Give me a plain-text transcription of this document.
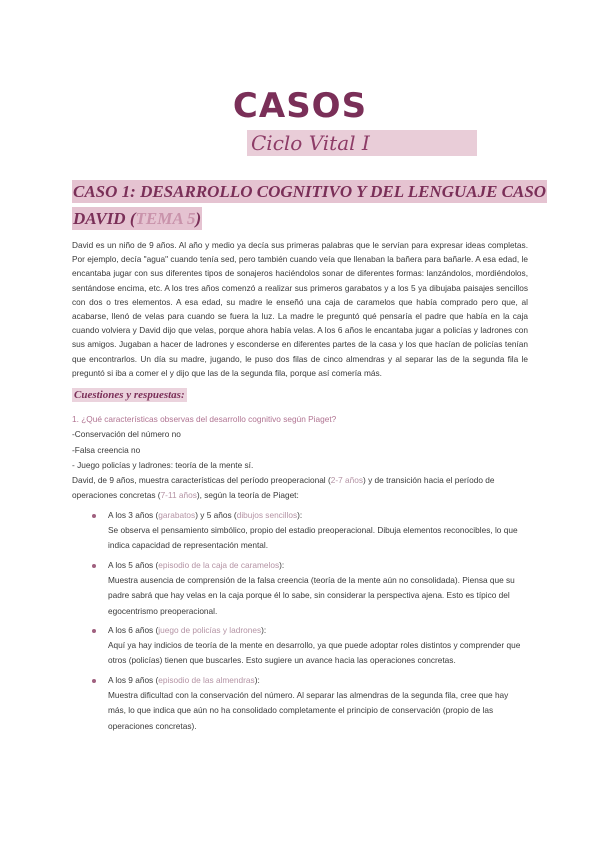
CASOS
Ciclo Vital I
CASO 1: DESARROLLO COGNITIVO Y DEL LENGUAJE CASO
DAVID (TEMA 5)

David es un niño de 9 años. Al año y medio ya decía sus primeras palabras que le servían para expresar ideas completas. Por ejemplo, decía "agua" cuando tenía sed, pero también cuando veía que llenaban la bañera para bañarle. A esa edad, le encantaba jugar con sus diferentes tipos de sonajeros haciéndolos sonar de diferentes formas: lanzándolos, mordiéndolos, sentándose encima, etc. A los tres años comenzó a realizar sus primeros garabatos y a los 5 ya dibujaba paisajes sencillos con dos o tres elementos. A esa edad, su madre le enseñó una caja de caramelos que había comprado pero que, al acabarse, llenó de velas para cuando se fuera la luz. La madre le preguntó qué pensaría el padre que había en la caja cuando volviera y David dijo que velas, porque ahora había velas. A los 6 años le encantaba jugar a policías y ladrones con sus amigos. Jugaban a hacer de ladrones y esconderse en diferentes partes de la casa y los que hacían de policías tenían que encontrarlos. Un día su madre, jugando, le puso dos filas de cinco almendras y al separar las de la segunda fila le preguntó si iba a comer el y dijo que las de la segunda fila, porque así comería más.

Cuestiones y respuestas:

1. ¿Qué características observas del desarrollo cognitivo según Piaget?

-Conservación del número no

-Falsa creencia no

- Juego policías y ladrones: teoría de la mente sí.

David, de 9 años, muestra características del período preoperacional (2-7 años) y de transición hacia el período de operaciones concretas (7-11 años), según la teoría de Piaget:

A los 3 años (garabatos) y 5 años (dibujos sencillos):
Se observa el pensamiento simbólico, propio del estadio preoperacional. Dibuja elementos reconocibles, lo que indica capacidad de representación mental.
A los 5 años (episodio de la caja de caramelos):
Muestra ausencia de comprensión de la falsa creencia (teoría de la mente aún no consolidada). Piensa que su padre sabrá que hay velas en la caja porque él lo sabe, sin considerar la perspectiva ajena. Esto es típico del egocentrismo preoperacional.
A los 6 años (juego de policías y ladrones):
Aquí ya hay indicios de teoría de la mente en desarrollo, ya que puede adoptar roles distintos y comprender que otros (policías) tienen que buscarles. Esto sugiere un avance hacia las operaciones concretas.
A los 9 años (episodio de las almendras):
Muestra dificultad con la conservación del número. Al separar las almendras de la segunda fila, cree que hay más, lo que indica que aún no ha consolidado completamente el principio de conservación (propio de las operaciones concretas).
